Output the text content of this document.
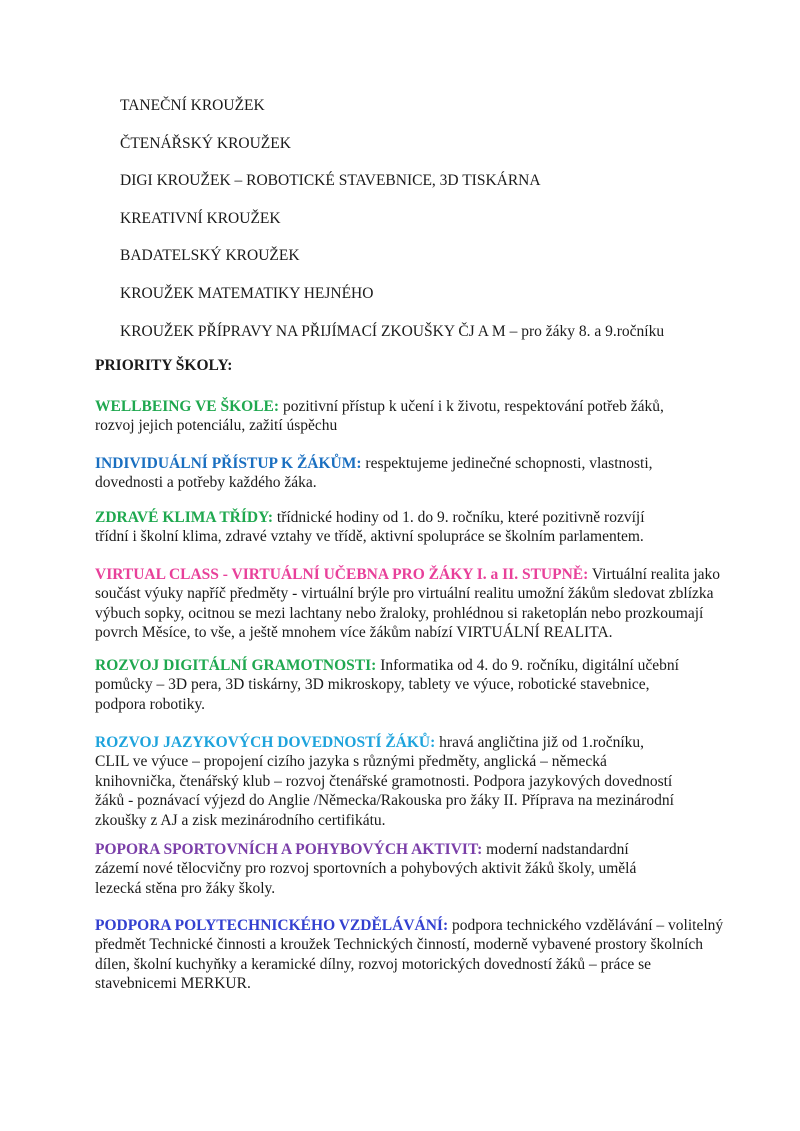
TANEČNÍ KROUŽEK
ČTENÁŘSKÝ KROUŽEK
DIGI KROUŽEK – ROBOTICKÉ STAVEBNICE, 3D TISKÁRNA
KREATIVNÍ KROUŽEK
BADATELSKÝ KROUŽEK
KROUŽEK MATEMATIKY HEJNÉHO
KROUŽEK PŘÍPRAVY NA PŘIJÍMACÍ ZKOUŠKY ČJ A M – pro žáky 8. a 9.ročníku

PRIORITY ŠKOLY:

WELLBEING VE ŠKOLE: pozitivní přístup k učení i k životu, respektování potřeb žáků,
rozvoj jejich potenciálu, zažití úspěchu

INDIVIDUÁLNÍ PŘÍSTUP K ŽÁKŮM: respektujeme jedinečné schopnosti, vlastnosti,
dovednosti a potřeby každého žáka.

ZDRAVÉ KLIMA TŘÍDY: třídnické hodiny od 1. do 9. ročníku, které pozitivně rozvíjí
třídní i školní klima, zdravé vztahy ve třídě, aktivní spolupráce se školním parlamentem.

VIRTUAL CLASS - VIRTUÁLNÍ UČEBNA PRO ŽÁKY I. a II. STUPNĚ: Virtuální realita jako
součást výuky napříč předměty - virtuální brýle pro virtuální realitu umožní žákům sledovat zblízka
výbuch sopky, ocitnou se mezi lachtany nebo žraloky, prohlédnou si raketoplán nebo prozkoumají
povrch Měsíce, to vše, a ještě mnohem více žákům nabízí VIRTUÁLNÍ REALITA.

ROZVOJ DIGITÁLNÍ GRAMOTNOSTI: Informatika od 4. do 9. ročníku, digitální učební
pomůcky – 3D pera, 3D tiskárny, 3D mikroskopy, tablety ve výuce, robotické stavebnice,
podpora robotiky.

ROZVOJ JAZYKOVÝCH DOVEDNOSTÍ ŽÁKŮ: hravá angličtina již od 1.ročníku,
CLIL ve výuce – propojení cizího jazyka s různými předměty, anglická – německá
knihovnička, čtenářský klub – rozvoj čtenářské gramotnosti. Podpora jazykových dovedností
žáků - poznávací výjezd do Anglie /Německa/Rakouska pro žáky II. Příprava na mezinárodní
zkoušky z AJ a zisk mezinárodního certifikátu.

POPORA SPORTOVNÍCH A POHYBOVÝCH AKTIVIT: moderní nadstandardní
zázemí nové tělocvičny pro rozvoj sportovních a pohybových aktivit žáků školy, umělá
lezecká stěna pro žáky školy.

PODPORA POLYTECHNICKÉHO VZDĚLÁVÁNÍ: podpora technického vzdělávání – volitelný
předmět Technické činnosti a kroužek Technických činností, moderně vybavené prostory školních
dílen, školní kuchyňky a keramické dílny, rozvoj motorických dovedností žáků – práce se
stavebnicemi MERKUR.
